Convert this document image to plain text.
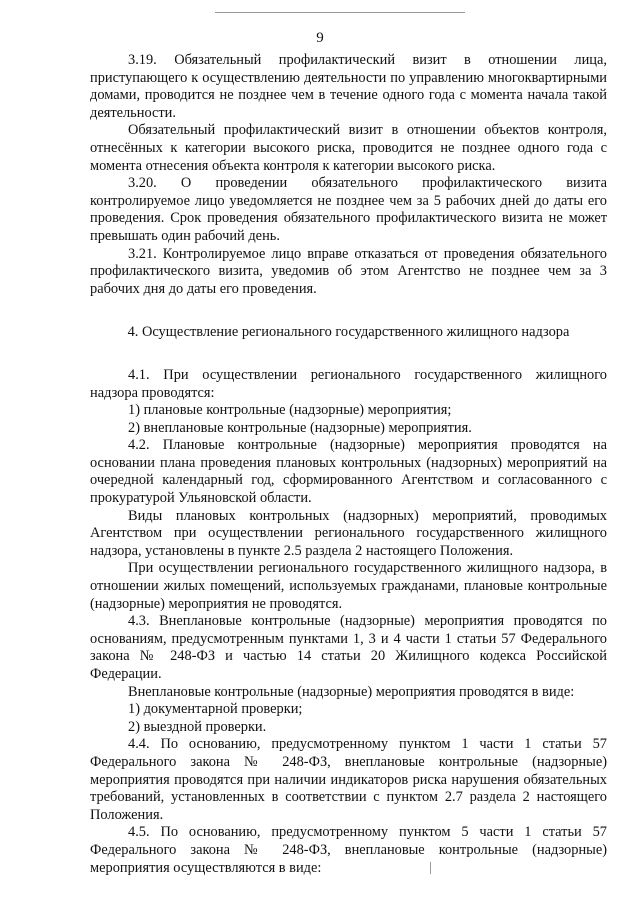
9

3.19. Обязательный профилактический визит в отношении лица, приступающего к осуществлению деятельности по управлению многоквартирными домами, проводится не позднее чем в течение одного года с момента начала такой деятельности.

Обязательный профилактический визит в отношении объектов контроля, отнесённых к категории высокого риска, проводится не позднее одного года с момента отнесения объекта контроля к категории высокого риска.

3.20. О проведении обязательного профилактического визита контролируемое лицо уведомляется не позднее чем за 5 рабочих дней до даты его проведения. Срок проведения обязательного профилактического визита не может превышать один рабочий день.

3.21. Контролируемое лицо вправе отказаться от проведения обязательного профилактического визита, уведомив об этом Агентство не позднее чем за 3 рабочих дня до даты его проведения.

4. Осуществление регионального государственного жилищного надзора

4.1. При осуществлении регионального государственного жилищного надзора проводятся:

1) плановые контрольные (надзорные) мероприятия;

2) внеплановые контрольные (надзорные) мероприятия.

4.2. Плановые контрольные (надзорные) мероприятия проводятся на основании плана проведения плановых контрольных (надзорных) мероприятий на очередной календарный год, сформированного Агентством и согласованного с прокуратурой Ульяновской области.

Виды плановых контрольных (надзорных) мероприятий, проводимых Агентством при осуществлении регионального государственного жилищного надзора, установлены в пункте 2.5 раздела 2 настоящего Положения.

При осуществлении регионального государственного жилищного надзора, в отношении жилых помещений, используемых гражданами, плановые контрольные (надзорные) мероприятия не проводятся.

4.3. Внеплановые контрольные (надзорные) мероприятия проводятся по основаниям, предусмотренным пунктами 1, 3 и 4 части 1 статьи 57 Федерального закона № 248-ФЗ и частью 14 статьи 20 Жилищного кодекса Российской Федерации.

Внеплановые контрольные (надзорные) мероприятия проводятся в виде:

1) документарной проверки;

2) выездной проверки.

4.4. По основанию, предусмотренному пунктом 1 части 1 статьи 57 Федерального закона № 248-ФЗ, внеплановые контрольные (надзорные) мероприятия проводятся при наличии индикаторов риска нарушения обязательных требований, установленных в соответствии с пунктом 2.7 раздела 2 настоящего Положения.

4.5. По основанию, предусмотренному пунктом 5 части 1 статьи 57 Федерального закона № 248-ФЗ, внеплановые контрольные (надзорные) мероприятия осуществляются в виде:
